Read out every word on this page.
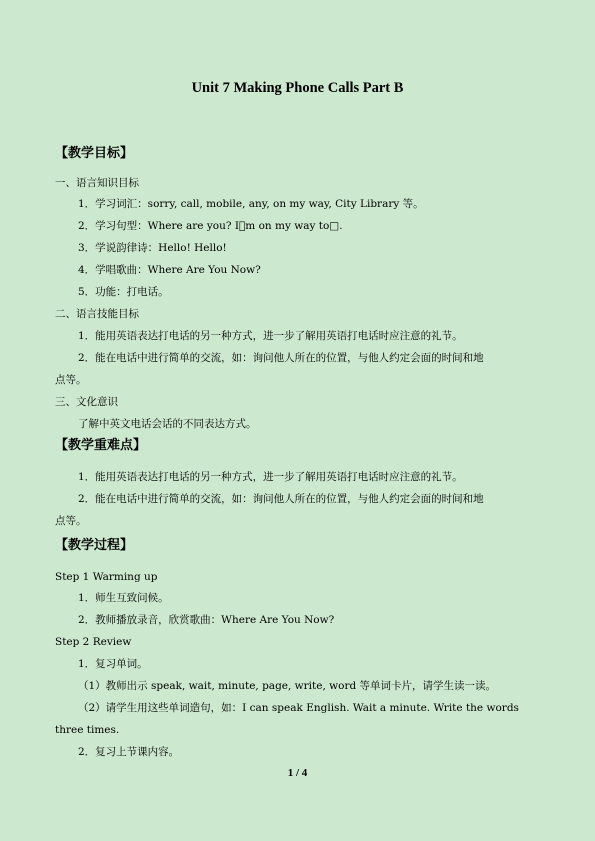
Unit 7 Making Phone Calls Part B
【教学目标】
一、语言知识目标
1．学习词汇：sorry, call, mobile, any, on my way, City Library 等。
2．学习句型：Where are you? I m on my way to□.
3．学说韵律诗：Hello! Hello!
4．学唱歌曲：Where Are You Now?
5．功能：打电话。
二、语言技能目标
1．能用英语表达打电话的另一种方式，进一步了解用英语打电话时应注意的礼节。
2．能在电话中进行简单的交流，如：询问他人所在的位置，与他人约定会面的时间和地
点等。
三、文化意识
了解中英文电话会话的不同表达方式。
【教学重难点】
1．能用英语表达打电话的另一种方式，进一步了解用英语打电话时应注意的礼节。
2．能在电话中进行简单的交流，如：询问他人所在的位置，与他人约定会面的时间和地
点等。
【教学过程】
Step 1 Warming up
1．师生互致问候。
2．教师播放录音，欣赏歌曲：Where Are You Now?
Step 2 Review
1．复习单词。
（1）教师出示 speak, wait, minute, page, write, word 等单词卡片，请学生读一读。
（2）请学生用这些单词造句，如：I can speak English. Wait a minute. Write the words
three times.
2．复习上节课内容。
1 / 4
